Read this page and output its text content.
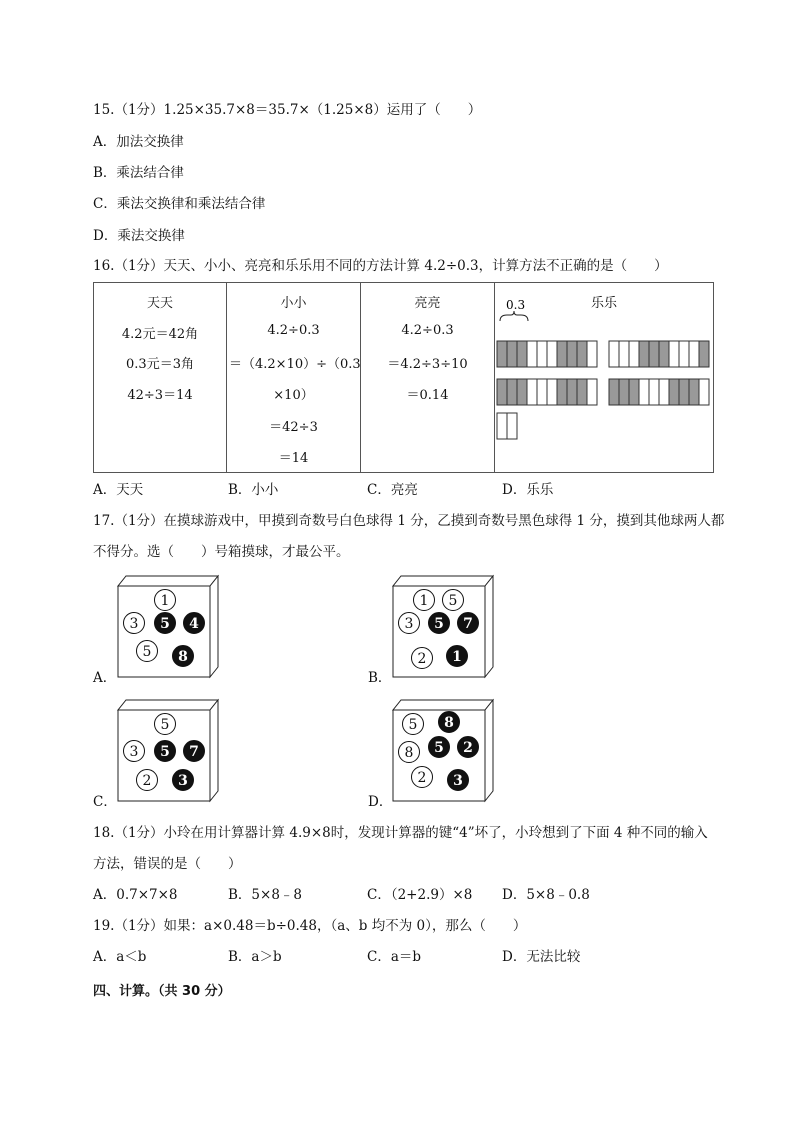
15.（1分）1.25×35.7×8＝35.7×（1.25×8）运用了（　　）
A．加法交换律
B．乘法结合律
C．乘法交换律和乘法结合律
D．乘法交换律
16.（1分）天天、小小、亮亮和乐乐用不同的方法计算 4.2÷0.3，计算方法不正确的是（　　）
天天
4.2元＝42角
0.3元＝3角
42÷3＝14

小小
4.2÷0.3
＝（4.2×10）÷（0.3
×10）
＝42÷3
＝14

亮亮
4.2÷0.3
＝4.2÷3÷10
＝0.14

乐乐
0.3
A．天天	B．小小	C．亮亮	D．乐乐
17.（1分）在摸球游戏中，甲摸到奇数号白色球得 1 分，乙摸到奇数号黑色球得 1 分，摸到其他球两人都
不得分。选（　　）号箱摸球，才最公平。
A．
1
3 5 4
5 8
B．
1 5
3 5 7
2 1
C．
5
3 5 7
2 3
D．
5 8
8 5 2
2 3
18.（1分）小玲在用计算器计算 4.9×8时，发现计算器的键“4”坏了，小玲想到了下面 4 种不同的输入
方法，错误的是（　　）
A．0.7×7×8	B．5×8﹣8	C．（2+2.9）×8 D．5×8﹣0.8
19.（1分）如果：a×0.48＝b÷0.48，（a、b 均不为 0），那么（　　）
A．a＜b	B．a＞b	C．a＝b	D．无法比较
四、计算。（共 30 分）
